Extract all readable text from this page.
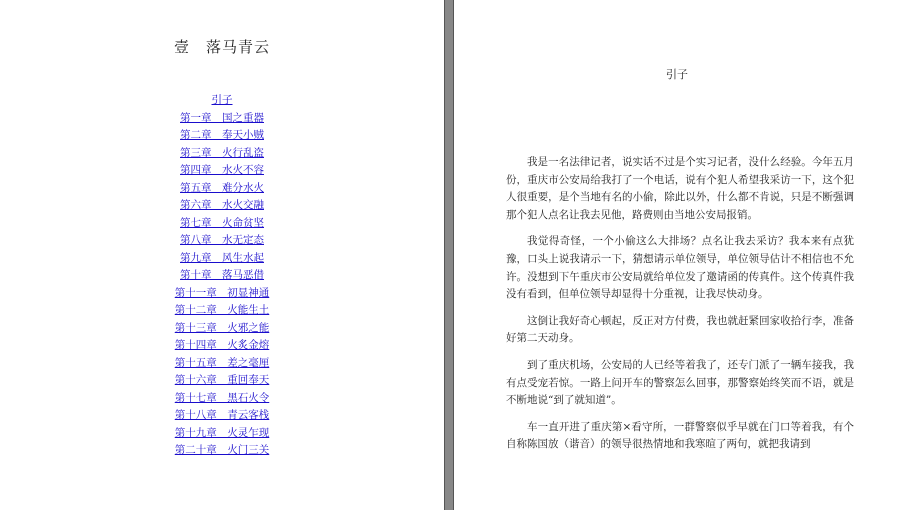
壹　落马青云
引子
第一章　国之重器
第二章　奉天小贼
第三章　火行乱盗
第四章　水火不容
第五章　难分水火
第六章　水火交融
第七章　火命贫坚
第八章　水无定态
第九章　风生水起
第十章　落马恶借
第十一章　初显神通
第十二章　火能生土
第十三章　火邪之能
第十四章　火炙金熔
第十五章　差之毫厘
第十六章　重回奉天
第十七章　黑石火令
第十八章　青云客栈
第十九章　火灵乍现
第二十章　火门三关
引子

我是一名法律记者，说实话不过是个实习记者，没什么经验。今年五月份，重庆市公安局给我打了一个电话，说有个犯人希望我采访一下，这个犯人很重要，是个当地有名的小偷，除此以外，什么都不肯说，只是不断强调那个犯人点名让我去见他，路费则由当地公安局报销。

我觉得奇怪，一个小偷这么大排场？点名让我去采访？我本来有点犹豫，口头上说我请示一下，猜想请示单位领导，单位领导估计不相信也不允许。没想到下午重庆市公安局就给单位发了邀请函的传真件。这个传真件我没有看到，但单位领导却显得十分重视，让我尽快动身。

这倒让我好奇心顿起，反正对方付费，我也就赶紧回家收拾行李，准备好第二天动身。

到了重庆机场，公安局的人已经等着我了，还专门派了一辆车接我，我有点受宠若惊。一路上问开车的警察怎么回事，那警察始终笑而不语，就是不断地说“到了就知道”。

车一直开进了重庆第×看守所，一群警察似乎早就在门口等着我，有个自称陈国放（谐音）的领导很热情地和我寒暄了两句，就把我请到
